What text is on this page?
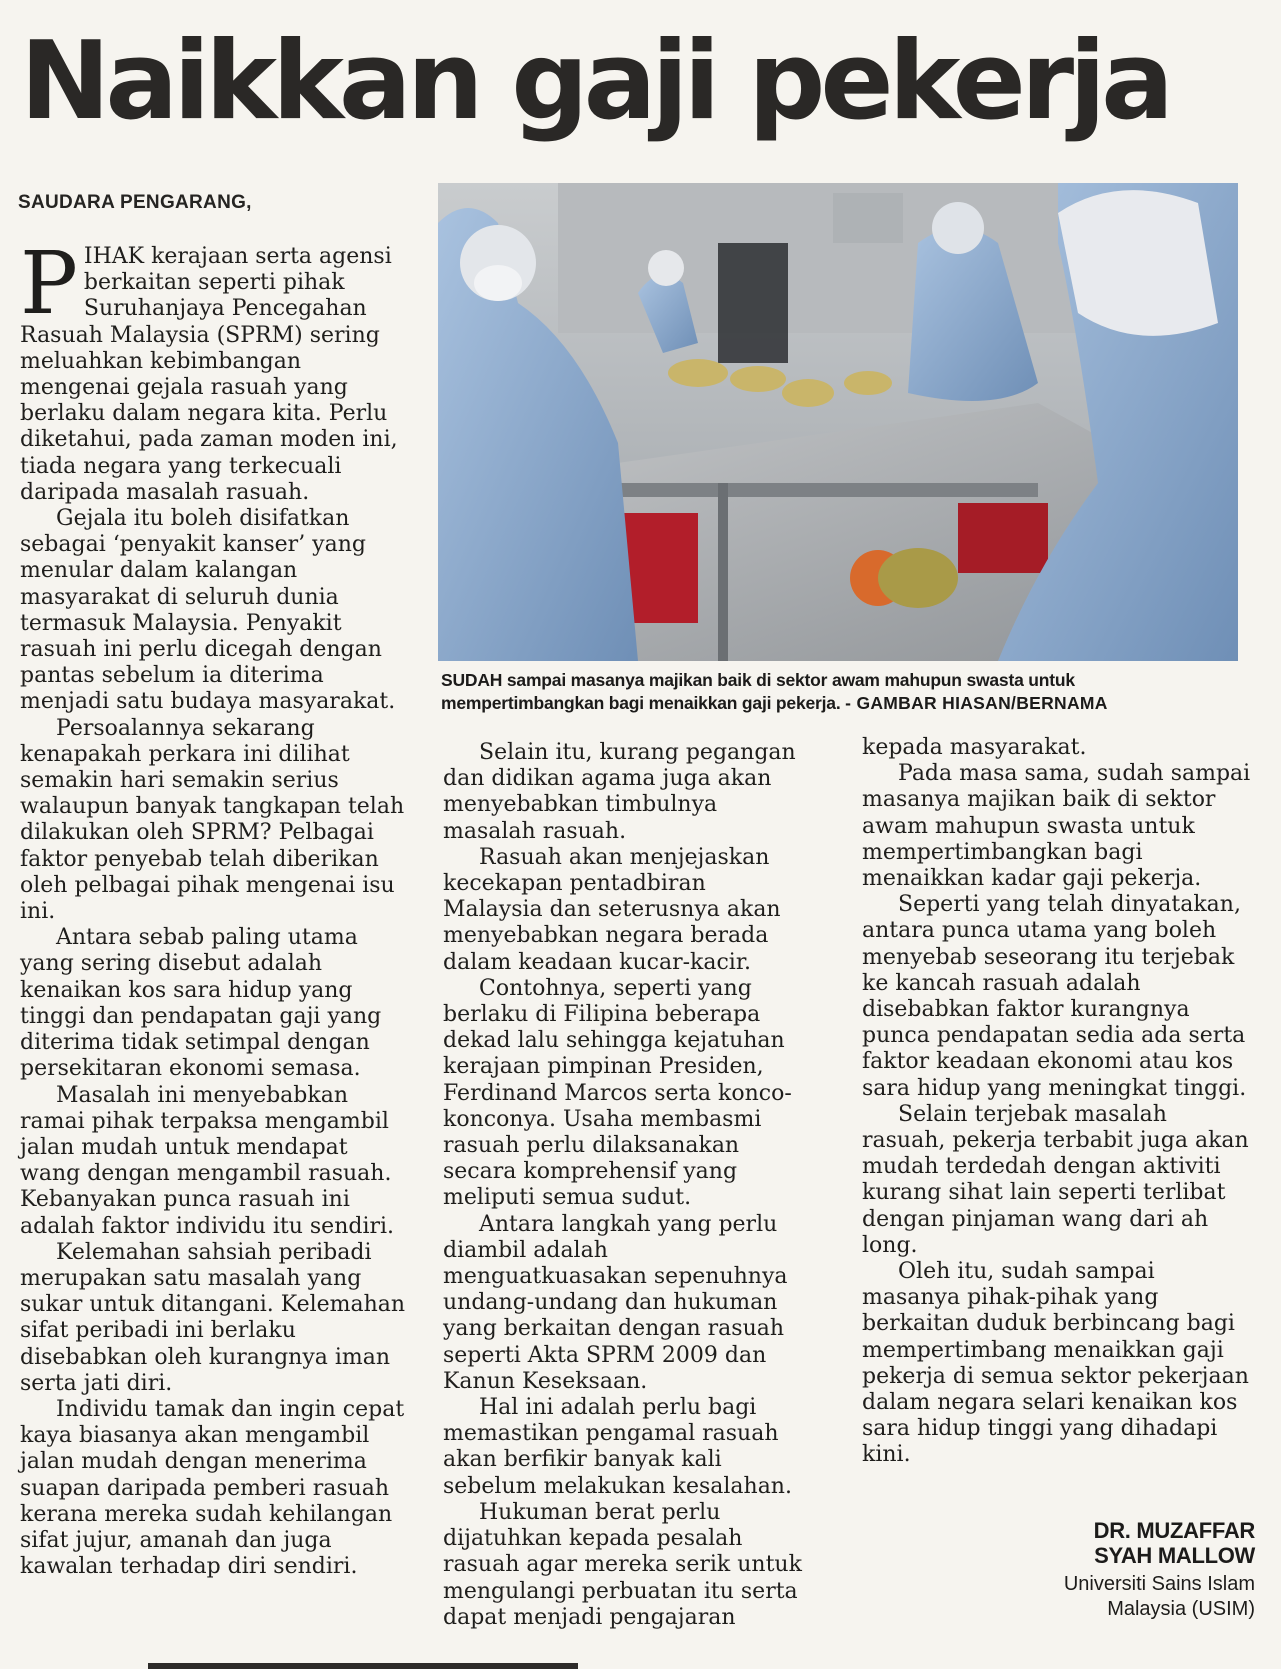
Naikkan gaji pekerja
SAUDARA PENGARANG,
SUDAH sampai masanya majikan baik di sektor awam mahupun swasta untuk mempertimbangkan bagi menaikkan gaji pekerja. - GAMBAR HIASAN/BERNAMA
P IHAK kerajaan serta agensi berkaitan seperti pihak Suruhanjaya Pencegahan Rasuah Malaysia (SPRM) sering meluahkan kebimbangan mengenai gejala rasuah yang berlaku dalam negara kita. Perlu diketahui, pada zaman moden ini, tiada negara yang terkecuali daripada masalah rasuah.

Gejala itu boleh disifatkan sebagai ‘penyakit kanser’ yang menular dalam kalangan masyarakat di seluruh dunia termasuk Malaysia. Penyakit rasuah ini perlu dicegah dengan pantas sebelum ia diterima menjadi satu budaya masyarakat.

Persoalannya sekarang kenapakah perkara ini dilihat semakin hari semakin serius walaupun banyak tangkapan telah dilakukan oleh SPRM? Pelbagai faktor penyebab telah diberikan oleh pelbagai pihak mengenai isu ini.

Antara sebab paling utama yang sering disebut adalah kenaikan kos sara hidup yang tinggi dan pendapatan gaji yang diterima tidak setimpal dengan persekitaran ekonomi semasa.

Masalah ini menyebabkan ramai pihak terpaksa mengambil jalan mudah untuk mendapat wang dengan mengambil rasuah. Kebanyakan punca rasuah ini adalah faktor individu itu sendiri.

Kelemahan sahsiah peribadi merupakan satu masalah yang sukar untuk ditangani. Kelemahan sifat peribadi ini berlaku disebabkan oleh kurangnya iman serta jati diri.

Individu tamak dan ingin cepat kaya biasanya akan mengambil jalan mudah dengan menerima suapan daripada pemberi rasuah kerana mereka sudah kehilangan sifat jujur, amanah dan juga kawalan terhadap diri sendiri.

Selain itu, kurang pegangan dan didikan agama juga akan menyebabkan timbulnya masalah rasuah.

Rasuah akan menjejaskan kecekapan pentadbiran Malaysia dan seterusnya akan menyebabkan negara berada dalam keadaan kucar-kacir.

Contohnya, seperti yang berlaku di Filipina beberapa dekad lalu sehingga kejatuhan kerajaan pimpinan Presiden, Ferdinand Marcos serta konco-konconya. Usaha membasmi rasuah perlu dilaksanakan secara komprehensif yang meliputi semua sudut.

Antara langkah yang perlu diambil adalah menguatkuasakan sepenuhnya undang-undang dan hukuman yang berkaitan dengan rasuah seperti Akta SPRM 2009 dan Kanun Keseksaan.

Hal ini adalah perlu bagi memastikan pengamal rasuah akan berfikir banyak kali sebelum melakukan kesalahan.

Hukuman berat perlu dijatuhkan kepada pesalah rasuah agar mereka serik untuk mengulangi perbuatan itu serta dapat menjadi pengajaran

kepada masyarakat.

Pada masa sama, sudah sampai masanya majikan baik di sektor awam mahupun swasta untuk mempertimbangkan bagi menaikkan kadar gaji pekerja.

Seperti yang telah dinyatakan, antara punca utama yang boleh menyebab seseorang itu terjebak ke kancah rasuah adalah disebabkan faktor kurangnya punca pendapatan sedia ada serta faktor keadaan ekonomi atau kos sara hidup yang meningkat tinggi.

Selain terjebak masalah rasuah, pekerja terbabit juga akan mudah terdedah dengan aktiviti kurang sihat lain seperti terlibat dengan pinjaman wang dari ah long.

Oleh itu, sudah sampai masanya pihak-pihak yang berkaitan duduk berbincang bagi mempertimbang menaikkan gaji pekerja di semua sektor pekerjaan dalam negara selari kenaikan kos sara hidup tinggi yang dihadapi kini.

DR. MUZAFFAR SYAH MALLOW
Universiti Sains Islam Malaysia (USIM)
